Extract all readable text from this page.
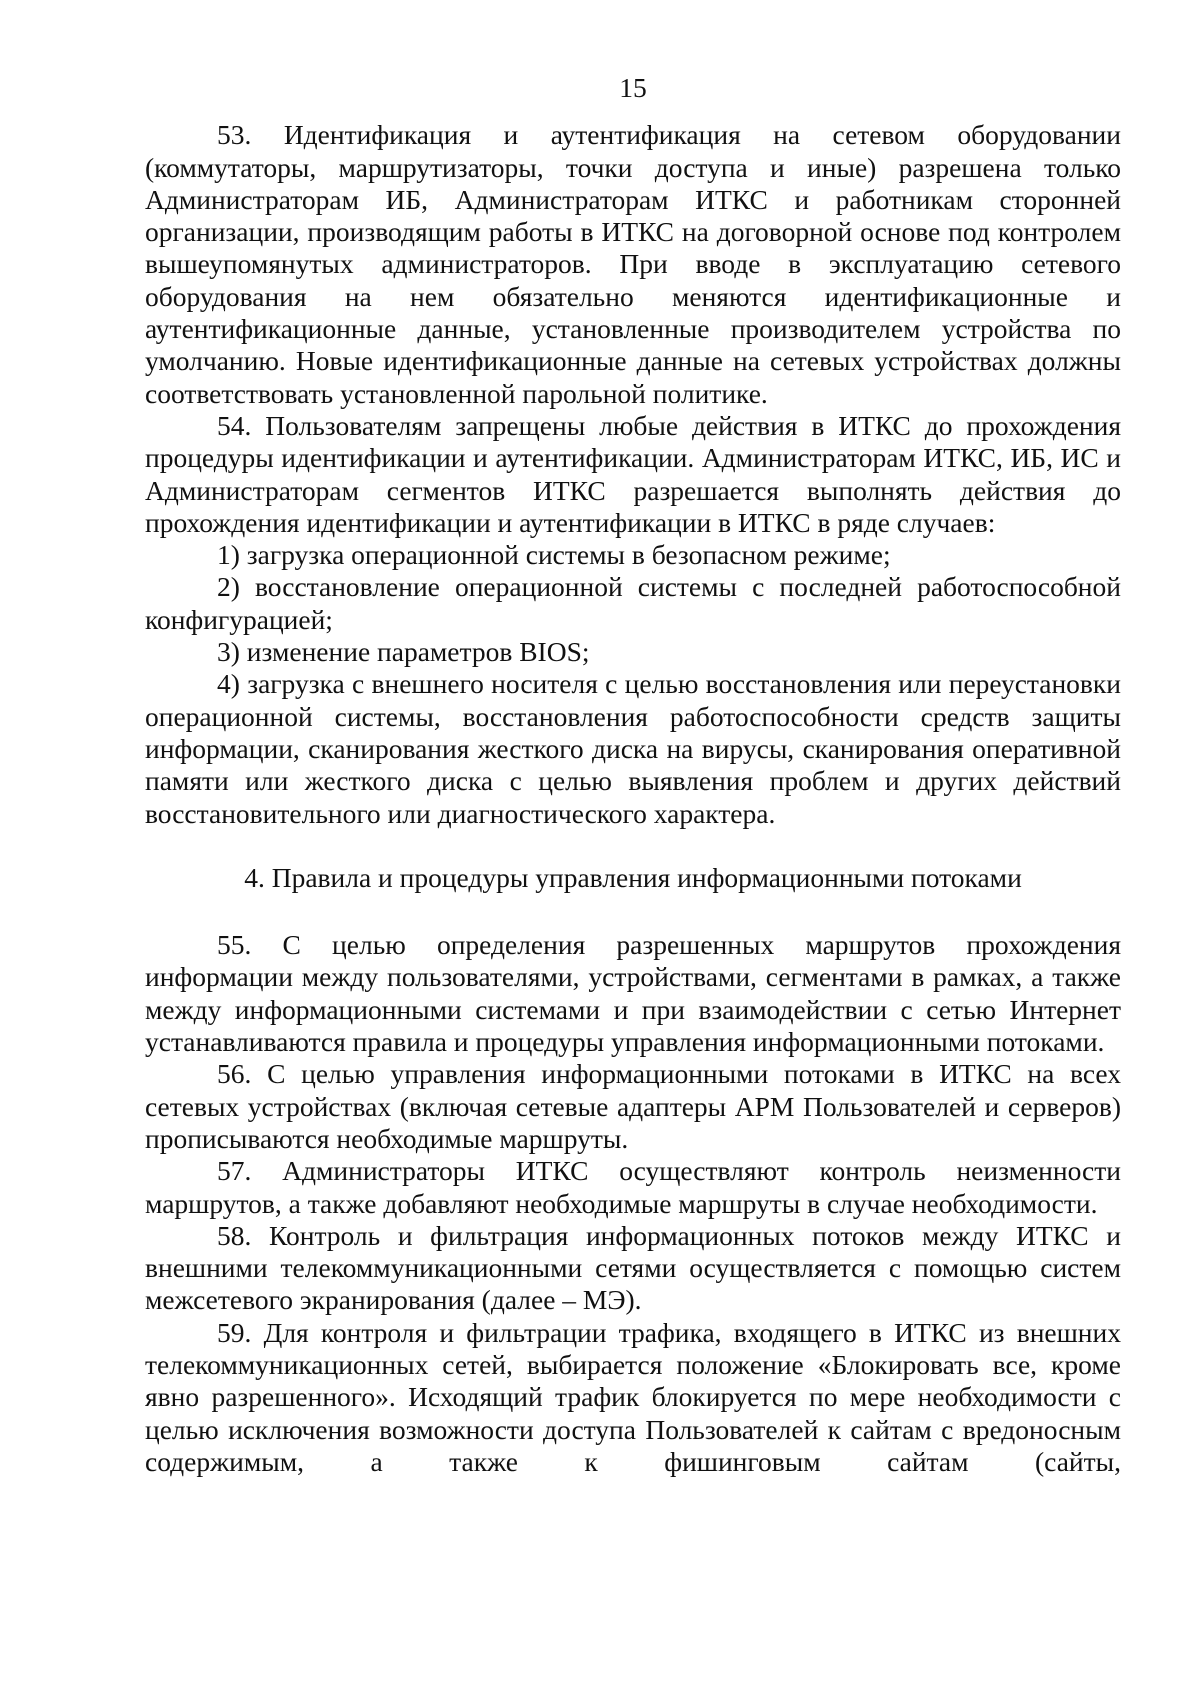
15

53. Идентификация и аутентификация на сетевом оборудовании (коммутаторы, маршрутизаторы, точки доступа и иные) разрешена только Администраторам ИБ, Администраторам ИТКС и работникам сторонней организации, производящим работы в ИТКС на договорной основе под контролем вышеупомянутых администраторов. При вводе в эксплуатацию сетевого оборудования на нем обязательно меняются идентификационные и аутентификационные данные, установленные производителем устройства по умолчанию. Новые идентификационные данные на сетевых устройствах должны соответствовать установленной парольной политике.

54. Пользователям запрещены любые действия в ИТКС до прохождения процедуры идентификации и аутентификации. Администраторам ИТКС, ИБ, ИС и Администраторам сегментов ИТКС разрешается выполнять действия до прохождения идентификации и аутентификации в ИТКС в ряде случаев:

1) загрузка операционной системы в безопасном режиме;

2) восстановление операционной системы с последней работоспособной конфигурацией;

3) изменение параметров BIOS;

4) загрузка с внешнего носителя с целью восстановления или переустановки операционной системы, восстановления работоспособности средств защиты информации, сканирования жесткого диска на вирусы, сканирования оперативной памяти или жесткого диска с целью выявления проблем и других действий восстановительного или диагностического характера.

4. Правила и процедуры управления информационными потоками

55. С целью определения разрешенных маршрутов прохождения информации между пользователями, устройствами, сегментами в рамках, а также между информационными системами и при взаимодействии с сетью Интернет устанавливаются правила и процедуры управления информационными потоками.

56. С целью управления информационными потоками в ИТКС на всех сетевых устройствах (включая сетевые адаптеры АРМ Пользователей и серверов) прописываются необходимые маршруты.

57. Администраторы ИТКС осуществляют контроль неизменности маршрутов, а также добавляют необходимые маршруты в случае необходимости.

58. Контроль и фильтрация информационных потоков между ИТКС и внешними телекоммуникационными сетями осуществляется с помощью систем межсетевого экранирования (далее – МЭ).

59. Для контроля и фильтрации трафика, входящего в ИТКС из внешних телекоммуникационных сетей, выбирается положение «Блокировать все, кроме явно разрешенного». Исходящий трафик блокируется по мере необходимости с целью исключения возможности доступа Пользователей к сайтам с вредоносным содержимым, а также к фишинговым сайтам (сайты,
